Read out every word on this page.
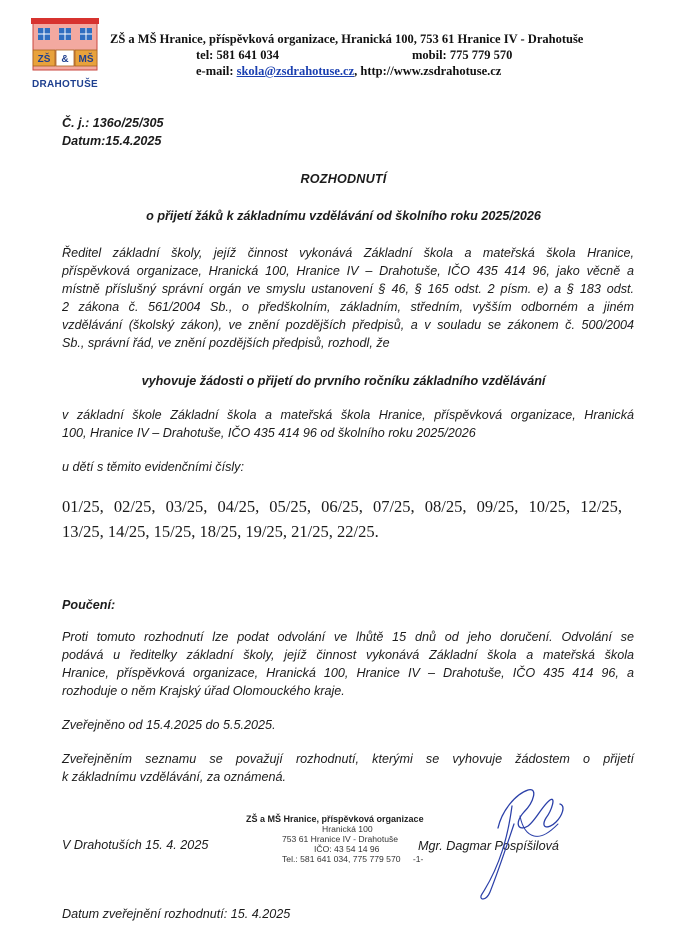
ZŠ & MŠ
DRAHOTUŠE
ZŠ a MŠ Hranice, příspěvková organizace, Hranická 100, 753 61 Hranice IV - Drahotuše
tel: 581 641 034	mobil: 775 779 570
e-mail: skola@zsdrahotuse.cz, http://www.zsdrahotuse.cz
Č. j.: 136o/25/305
Datum:15.4.2025
ROZHODNUTÍ
o přijetí žáků k základnímu vzdělávání od školního roku 2025/2026
Ředitel základní školy, jejíž činnost vykonává Základní škola a mateřská škola Hranice,
příspěvková organizace, Hranická 100, Hranice IV – Drahotuše, IČO 435 414 96, jako věcně a
místně příslušný správní orgán ve smyslu ustanovení § 46, § 165 odst. 2 písm. e) a § 183 odst.
2 zákona č. 561/2004 Sb., o předškolním, základním, středním, vyšším odborném a jiném
vzdělávání (školský zákon), ve znění pozdějších předpisů, a v souladu se zákonem č. 500/2004
Sb., správní řád, ve znění pozdějších předpisů, rozhodl, že
vyhovuje žádosti o přijetí do prvního ročníku základního vzdělávání
v základní škole Základní škola a mateřská škola Hranice, příspěvková organizace, Hranická
100, Hranice IV – Drahotuše, IČO 435 414 96 od školního roku 2025/2026
u dětí s těmito evidenčními čísly:
01/25, 02/25, 03/25, 04/25, 05/25, 06/25, 07/25, 08/25, 09/25, 10/25, 12/25,
13/25, 14/25, 15/25, 18/25, 19/25, 21/25, 22/25.
Poučení:
Proti tomuto rozhodnutí lze podat odvolání ve lhůtě 15 dnů od jeho doručení. Odvolání se
podává u ředitelky základní školy, jejíž činnost vykonává Základní škola a mateřská škola
Hranice, příspěvková organizace, Hranická 100, Hranice IV – Drahotuše, IČO 435 414 96, a
rozhoduje o něm Krajský úřad Olomouckého kraje.
Zveřejněno od 15.4.2025 do 5.5.2025.
Zveřejněním seznamu se považují rozhodnutí, kterými se vyhovuje žádostem o přijetí
k základnímu vzdělávání, za oznámená.
V Drahotuších 15. 4. 2025
ZŠ a MŠ Hranice, příspěvková organizace
Hranická 100
753 61 Hranice IV - Drahotuše
IČO: 43 54 14 96
Tel.: 581 641 034, 775 779 570 -1-
Mgr. Dagmar Pospíšilová
Datum zveřejnění rozhodnutí: 15. 4.2025
